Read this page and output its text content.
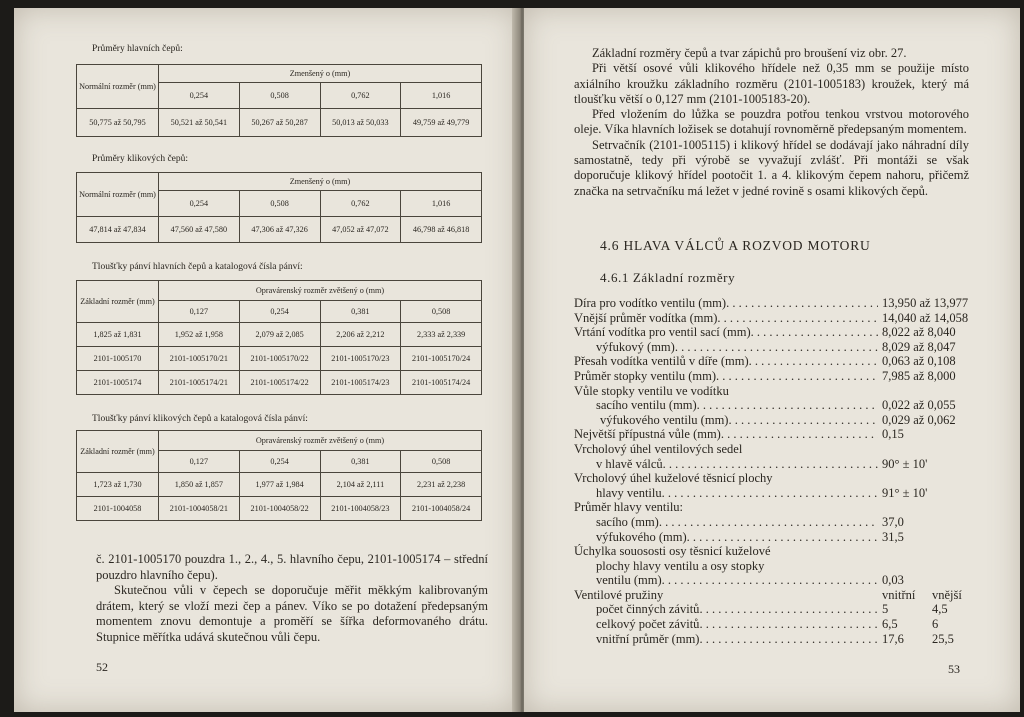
Průměry hlavních čepů:
Normální rozměr (mm)	Zmenšený o (mm)			
	0,254	0,508	0,762	1,016
50,775 až 50,795	50,521 až 50,541	50,267 až 50,287	50,013 až 50,033	49,759 až 49,779
Průměry klikových čepů:
Normální rozměr (mm)	Zmenšený o (mm)			
	0,254	0,508	0,762	1,016
47,814 až 47,834	47,560 až 47,580	47,306 až 47,326	47,052 až 47,072	46,798 až 46,818
Tloušťky pánví hlavních čepů a katalogová čísla pánví:
Základní rozměr (mm)	Opravárenský rozměr zvětšený o (mm)			
	0,127	0,254	0,381	0,508
1,825 až 1,831	1,952 až 1,958	2,079 až 2,085	2,206 až 2,212	2,333 až 2,339
2101-1005170	2101-1005170/21	2101-1005170/22	2101-1005170/23	2101-1005170/24
2101-1005174	2101-1005174/21	2101-1005174/22	2101-1005174/23	2101-1005174/24
Tloušťky pánví klikových čepů a katalogová čísla pánví:
Základní rozměr (mm)	Opravárenský rozměr zvětšený o (mm)			
	0,127	0,254	0,381	0,508
1,723 až 1,730	1,850 až 1,857	1,977 až 1,984	2,104 až 2,111	2,231 až 2,238
2101-1004058	2101-1004058/21	2101-1004058/22	2101-1004058/23	2101-1004058/24

č. 2101-1005170 pouzdra 1., 2., 4., 5. hlavního čepu, 2101-1005174 – střední pouzdro hlavního čepu).

Skutečnou vůli v čepech se doporučuje měřit měkkým kalibrovaným drátem, který se vloží mezi čep a pánev. Víko se po dotažení předepsaným momentem znovu demontuje a proměří se šířka deformovaného drátu. Stupnice měřítka udává skutečnou vůli čepu.

52

Základní rozměry čepů a tvar zápichů pro broušení viz obr. 27.

Při větší osové vůli klikového hřídele než 0,35 mm se použije místo axiálního kroužku základního rozměru (2101-1005183) kroužek, který má tloušťku větší o 0,127 mm (2101-1005183-20).

Před vložením do lůžka se pouzdra potřou tenkou vrstvou motorového oleje. Víka hlavních ložisek se dotahují rovnoměrně předepsaným momentem.

Setrvačník (2101-1005115) i klikový hřídel se dodávají jako náhradní díly samostatně, tedy při výrobě se vyvažují zvlášť. Při montáži se však doporučuje klikový hřídel pootočit 1. a 4. klikovým čepem nahoru, přičemž značka na setrvačníku má ležet v jedné rovině s osami klikových čepů.

4.6 HLAVA VÁLCŮ A ROZVOD MOTORU
4.6.1 Základní rozměry
Díra pro vodítko ventilu (mm) . . .	13,950 až 13,977
Vnější průměr vodítka (mm) . . .	14,040 až 14,058
Vrtání vodítka pro ventil sací (mm) . . .	8,022 až 8,040
výfukový (mm) . . .	8,029 až 8,047
Přesah vodítka ventilů v díře (mm) . . .	0,063 až 0,108
Průměr stopky ventilu (mm) . . .	7,985 až 8,000
Vůle stopky ventilu ve vodítku
sacího ventilu (mm) . . .	0,022 až 0,055
výfukového ventilu (mm) . . .	0,029 až 0,062
Největší přípustná vůle (mm) . . .	0,15
Vrcholový úhel ventilových sedel
v hlavě válců . . .	90° ± 10'
Vrcholový úhel kuželové těsnicí plochy
hlavy ventilu . . .	91° ± 10'
Průměr hlavy ventilu:
sacího (mm) . . .	37,0
výfukového (mm) . . .	31,5
Úchylka souososti osy těsnicí kuželové
plochy hlavy ventilu a osy stopky
ventilu (mm) . . .	0,03
Ventilové pružiny	vnitřní vnější
počet činných závitů . . .	5	4,5
celkový počet závitů . . .	6,5	6
vnitřní průměr (mm) . . .	17,6 25,5
53
